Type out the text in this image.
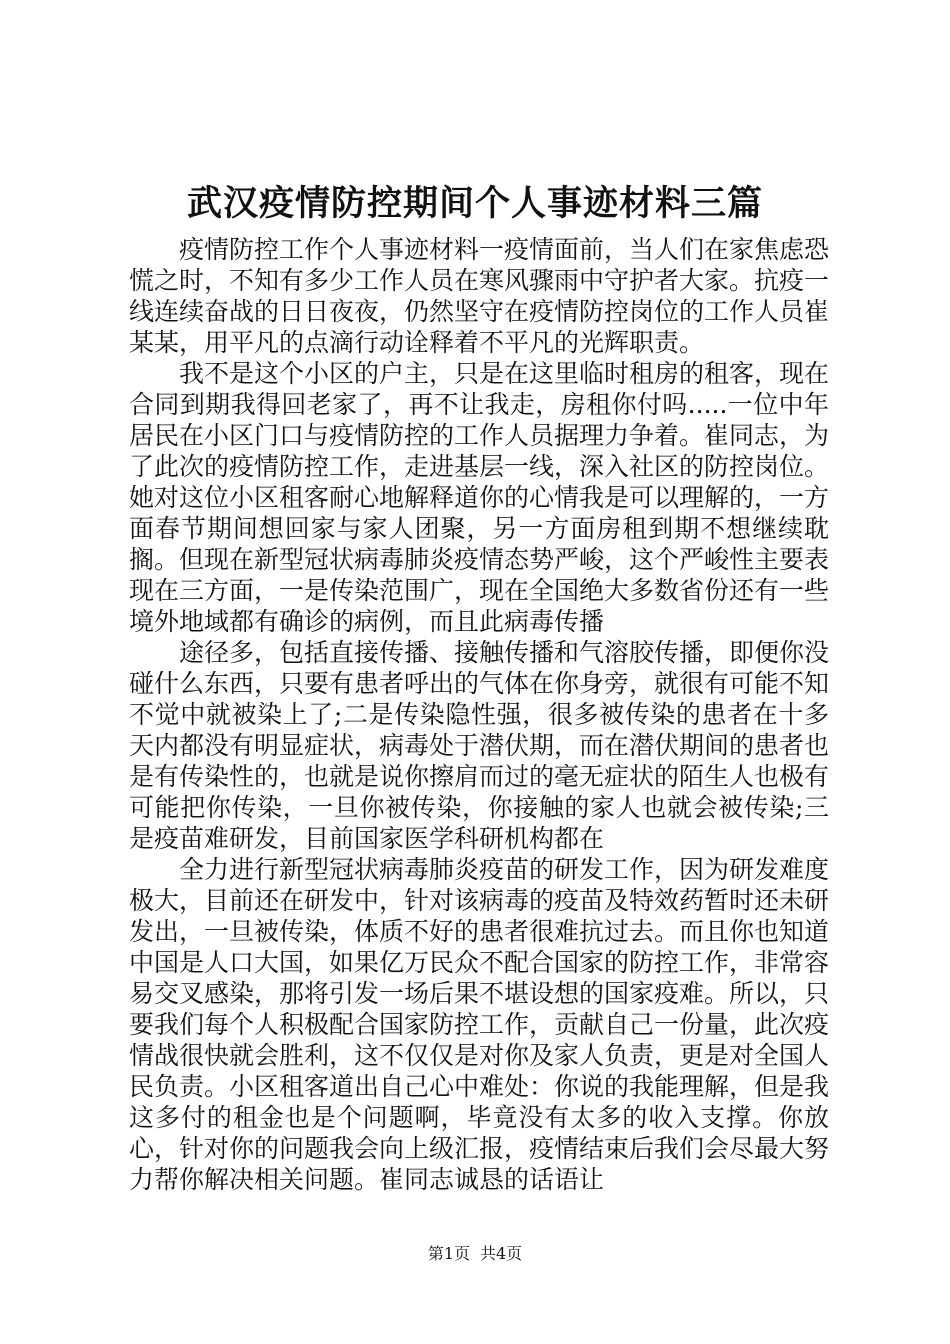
武汉疫情防控期间个人事迹材料三篇

疫情防控工作个人事迹材料一疫情面前，当人们在家焦虑恐慌之时，不知有多少工作人员在寒风骤雨中守护者大家。抗疫一线连续奋战的日日夜夜，仍然坚守在疫情防控岗位的工作人员崔某某，用平凡的点滴行动诠释着不平凡的光辉职责。

我不是这个小区的户主，只是在这里临时租房的租客，现在合同到期我得回老家了，再不让我走，房租你付吗.....一位中年居民在小区门口与疫情防控的工作人员据理力争着。崔同志，为了此次的疫情防控工作，走进基层一线，深入社区的防控岗位。她对这位小区租客耐心地解释道你的心情我是可以理解的，一方面春节期间想回家与家人团聚，另一方面房租到期不想继续耽搁。但现在新型冠状病毒肺炎疫情态势严峻，这个严峻性主要表现在三方面，一是传染范围广，现在全国绝大多数省份还有一些境外地域都有确诊的病例，而且此病毒传播

途径多，包括直接传播、接触传播和气溶胶传播，即便你没碰什么东西，只要有患者呼出的气体在你身旁，就很有可能不知不觉中就被染上了;二是传染隐性强，很多被传染的患者在十多天内都没有明显症状，病毒处于潜伏期，而在潜伏期间的患者也是有传染性的，也就是说你擦肩而过的毫无症状的陌生人也极有可能把你传染，一旦你被传染，你接触的家人也就会被传染;三是疫苗难研发，目前国家医学科研机构都在

全力进行新型冠状病毒肺炎疫苗的研发工作，因为研发难度极大，目前还在研发中，针对该病毒的疫苗及特效药暂时还未研发出，一旦被传染，体质不好的患者很难抗过去。而且你也知道中国是人口大国，如果亿万民众不配合国家的防控工作，非常容易交叉感染，那将引发一场后果不堪设想的国家疫难。所以，只要我们每个人积极配合国家防控工作，贡献自己一份量，此次疫情战很快就会胜利，这不仅仅是对你及家人负责，更是对全国人民负责。小区租客道出自己心中难处：你说的我能理解，但是我这多付的租金也是个问题啊，毕竟没有太多的收入支撑。你放心，针对你的问题我会向上级汇报，疫情结束后我们会尽最大努力帮你解决相关问题。崔同志诚恳的话语让

第1页 共4页
